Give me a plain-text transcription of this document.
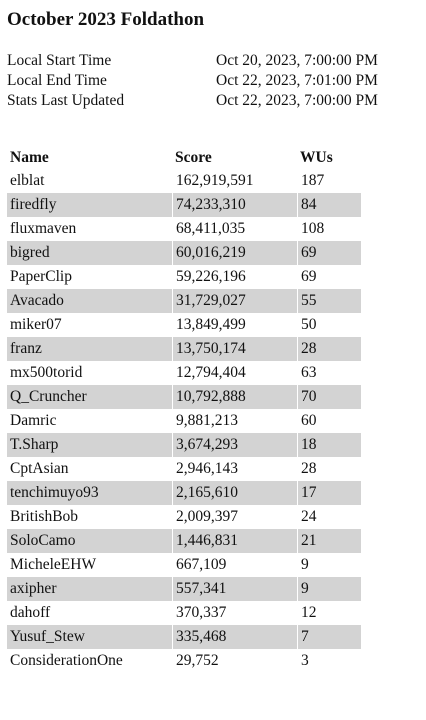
October 2023 Foldathon
Local Start Time	Oct 20, 2023, 7:00:00 PM
Local End Time	Oct 22, 2023, 7:01:00 PM
Stats Last Updated	Oct 22, 2023, 7:00:00 PM
Name	Score	WUs
elblat	162,919,591	187
firedfly	74,233,310	84
fluxmaven	68,411,035	108
bigred	60,016,219	69
PaperClip	59,226,196	69
Avacado	31,729,027	55
miker07	13,849,499	50
franz	13,750,174	28
mx500torid	12,794,404	63
Q_Cruncher	10,792,888	70
Damric	9,881,213	60
T.Sharp	3,674,293	18
CptAsian	2,946,143	28
tenchimuyo93	2,165,610	17
BritishBob	2,009,397	24
SoloCamo	1,446,831	21
MicheleEHW	667,109	9
axipher	557,341	9
dahoff	370,337	12
Yusuf_Stew	335,468	7
ConsiderationOne	29,752	3
